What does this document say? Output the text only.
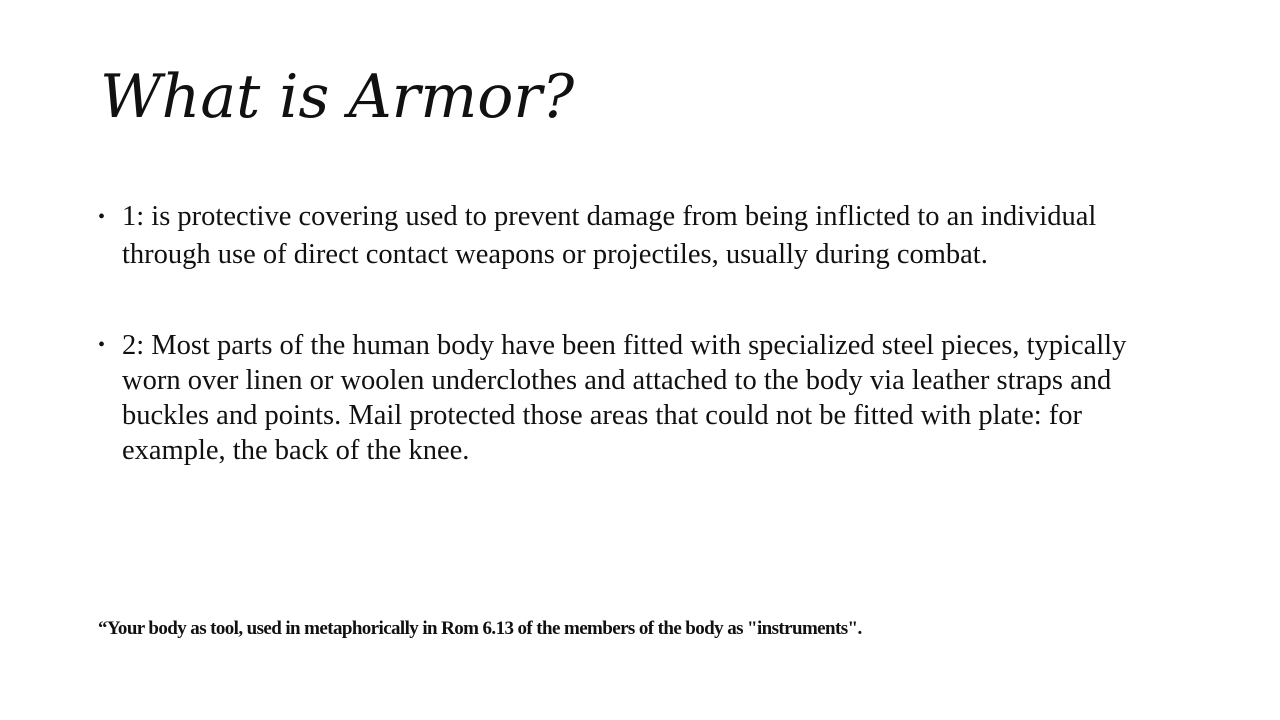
What is Armor?
• 1: is protective covering used to prevent damage from being inflicted to an individual through use of direct contact weapons or projectiles, usually during combat.
• 2: Most parts of the human body have been fitted with specialized steel pieces, typically worn over linen or woolen underclothes and attached to the body via leather straps and buckles and points. Mail protected those areas that could not be fitted with plate: for example, the back of the knee.
“Your body as tool, used in metaphorically in Rom 6.13 of the members of the body as "instruments".
